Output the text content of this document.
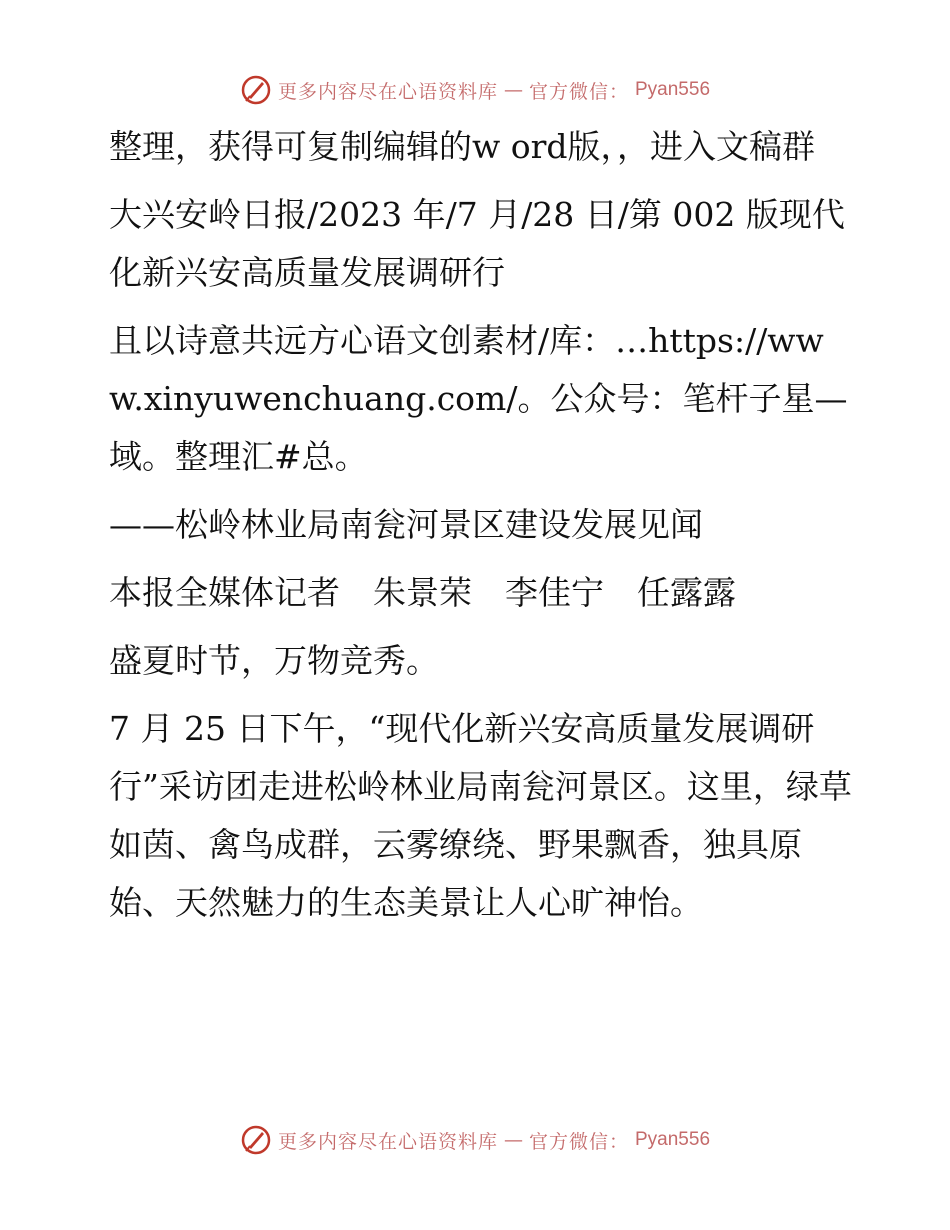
更多内容尽在心语资料库 — 官方微信： Pyan556

整理，获得可复制编辑的w ord版，，进入文稿群

大兴安岭日报/2023 年/7 月/28 日/第 002 版现代化新兴安高质量发展调研行

且以诗意共远方心语文创素材/库：…https://www.xinyuwenchuang.com/。公众号：笔杆子星—域。整理汇#总。

——松岭林业局南瓮河景区建设发展见闻

本报全媒体记者　朱景荣　李佳宁　任露露

盛夏时节，万物竞秀。

7 月 25 日下午，“现代化新兴安高质量发展调研行”采访团走进松岭林业局南瓮河景区。这里，绿草如茵、禽鸟成群，云雾缭绕、野果飘香，独具原始、天然魅力的生态美景让人心旷神怡。

更多内容尽在心语资料库 — 官方微信： Pyan556
